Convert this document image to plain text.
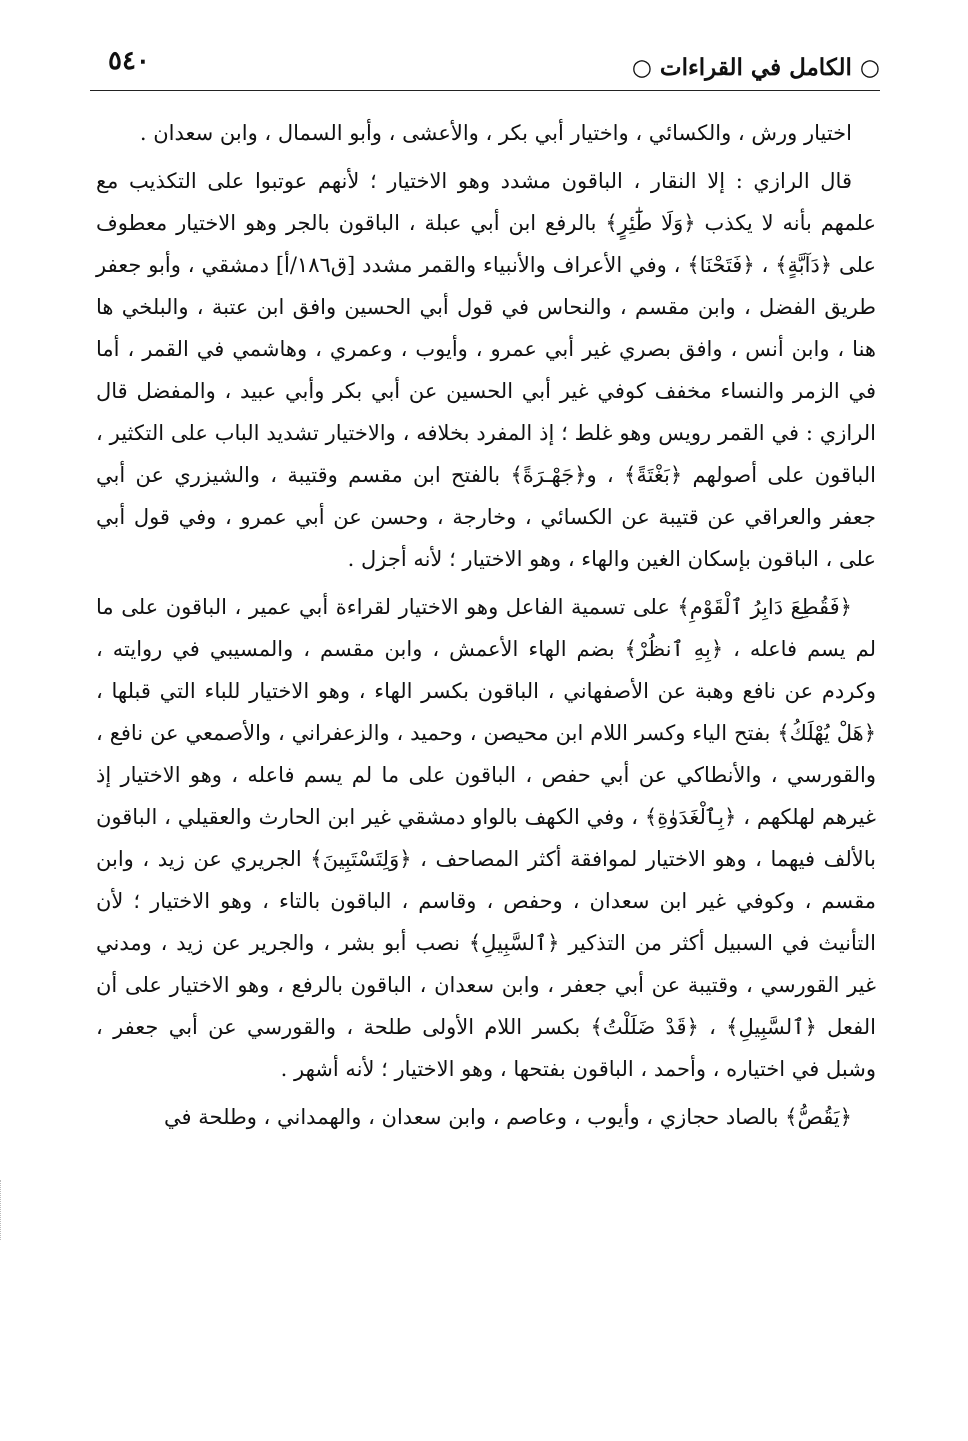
○ الكامل في القراءات ○
٥٤٠

اختيار ورش ، والكسائي ، واختيار أبي بكر ، والأعشى ، وأبو السمال ، وابن سعدان .

قال الرازي : إلا النقار ، الباقون مشدد وهو الاختيار ؛ لأنهم عوتبوا على التكذيب مع علمهم بأنه لا يكذب ﴿وَلَا طَٰٓئِرٍ﴾ بالرفع ابن أبي عبلة ، الباقون بالجر وهو الاختيار معطوف على ﴿دَآبَّةٍ﴾ ، ﴿فَتَحْنَا﴾ ، وفي الأعراف والأنبياء والقمر مشدد [ق١٨٦/أ] دمشقي ، وأبو جعفر طريق الفضل ، وابن مقسم ، والنحاس في قول أبي الحسين وافق ابن عتبة ، والبلخي ها هنا ، وابن أنس ، وافق بصري غير أبي عمرو ، وأيوب ، وعمري ، وهاشمي في القمر ، أما في الزمر والنساء مخفف كوفي غير أبي الحسين عن أبي بكر وأبي عبيد ، والمفضل قال الرازي : في القمر رويس وهو غلط ؛ إذ المفرد بخلافه ، والاختيار تشديد الباب على التكثير ، الباقون على أصولهم ﴿بَغْتَةً﴾ ، و﴿جَهْـرَةً﴾ بالفتح ابن مقسم وقتيبة ، والشيزري عن أبي جعفر والعراقي عن قتيبة عن الكسائي ، وخارجة ، وحسن عن أبي عمرو ، وفي قول أبي على ، الباقون بإسكان الغين والهاء ، وهو الاختيار ؛ لأنه أجزل .

﴿فَقُطِعَ دَابِرُ ٱلْقَوْمِ﴾ على تسمية الفاعل وهو الاختيار لقراءة أبي عمير ، الباقون على ما لم يسم فاعله ، ﴿بِهِ ٱنظُرْ﴾ بضم الهاء الأعمش ، وابن مقسم ، والمسيبي في روايته ، وكردم عن نافع وهبة عن الأصفهاني ، الباقون بكسر الهاء ، وهو الاختيار للباء التي قبلها ، ﴿هَلْ يُهْلَكُ﴾ بفتح الياء وكسر اللام ابن محيصن ، وحميد ، والزعفراني ، والأصمعي عن نافع ، والقورسي ، والأنطاكي عن أبي حفص ، الباقون على ما لم يسم فاعله ، وهو الاختيار إذ غيرهم لهلكهم ، ﴿بِٱلْغَدَوٰةِ﴾ ، وفي الكهف بالواو دمشقي غير ابن الحارث والعقيلي ، الباقون بالألف فيهما ، وهو الاختيار لموافقة أكثر المصاحف ، ﴿وَلِتَسْتَبِينَ﴾ الجريري عن زيد ، وابن مقسم ، وكوفي غير ابن سعدان ، وحفص ، وقاسم ، الباقون بالتاء ، وهو الاختيار ؛ لأن التأنيث في السبيل أكثر من التذكير ﴿ٱلسَّبِيلِ﴾ نصب أبو بشر ، والجرير عن زيد ، ومدني غير القورسي ، وقتيبة عن أبي جعفر ، وابن سعدان ، الباقون بالرفع ، وهو الاختيار على أن الفعل ﴿ٱلسَّبِيلِ﴾ ، ﴿قَدْ ضَلَلْتُ﴾ بكسر اللام الأولى طلحة ، والقورسي عن أبي جعفر ، وشبل في اختياره ، وأحمد ، الباقون بفتحها ، وهو الاختيار ؛ لأنه أشهر .

﴿يَقُصُّ﴾ بالصاد حجازي ، وأيوب ، وعاصم ، وابن سعدان ، والهمداني ، وطلحة في
